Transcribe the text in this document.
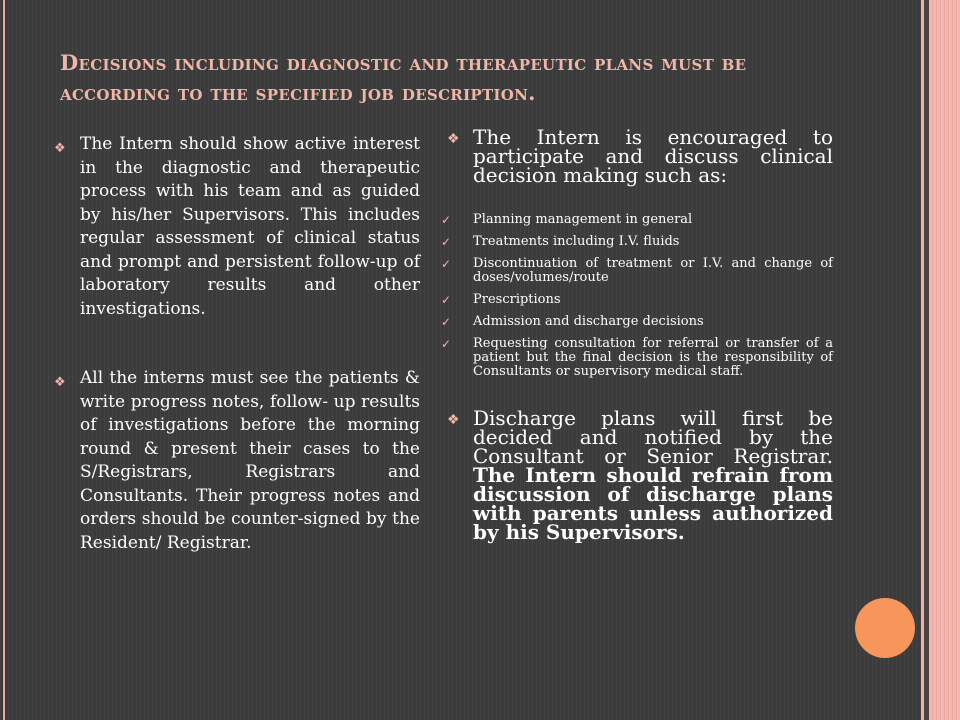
Decisions including diagnostic and therapeutic plans must be according to the specified job description.
❖ The Intern should show active interest in the diagnostic and therapeutic process with his team and as guided by his/her Supervisors. This includes regular assessment of clinical status and prompt and persistent follow-up of laboratory results and other investigations.
❖ All the interns must see the patients & write progress notes, follow- up results of investigations before the morning round & present their cases to the S/Registrars, Registrars and Consultants. Their progress notes and orders should be counter-signed by the Resident/ Registrar.
❖ The Intern is encouraged to participate and discuss clinical decision making such as:
✓ Planning management in general
✓ Treatments including I.V. fluids
✓ Discontinuation of treatment or I.V. and change of doses/volumes/route
✓ Prescriptions
✓ Admission and discharge decisions
✓ Requesting consultation for referral or transfer of a patient but the final decision is the responsibility of Consultants or supervisory medical staff.
❖ Discharge plans will first be decided and notified by the Consultant or Senior Registrar. The Intern should refrain from discussion of discharge plans with parents unless authorized by his Supervisors.
